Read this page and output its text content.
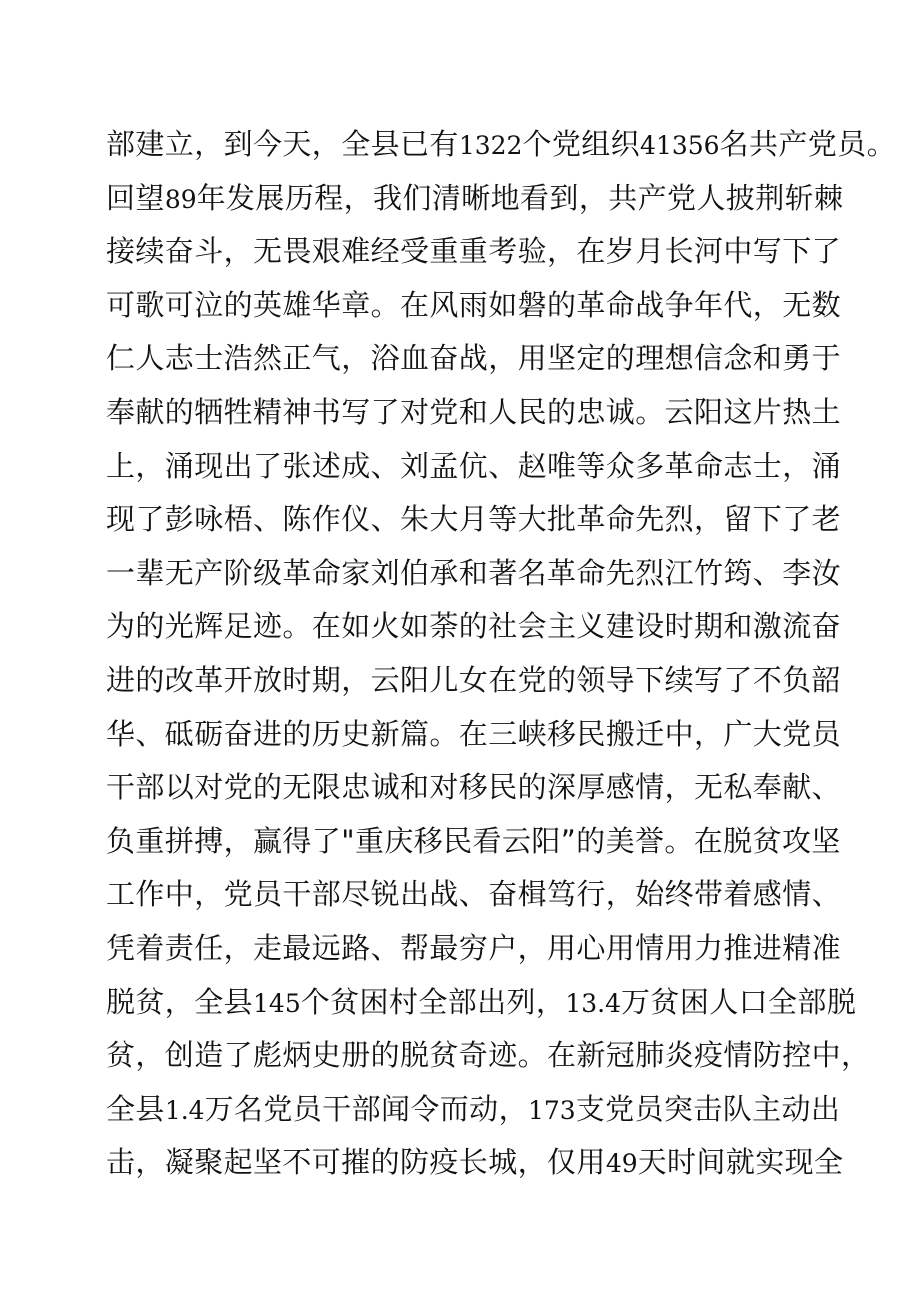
部建立，到今天，全县已有1322个党组织41356名共产党员。
回望89年发展历程，我们清晰地看到，共产党人披荆斩棘
接续奋斗，无畏艰难经受重重考验，在岁月长河中写下了
可歌可泣的英雄华章。在风雨如磐的革命战争年代，无数
仁人志士浩然正气，浴血奋战，用坚定的理想信念和勇于
奉献的牺牲精神书写了对党和人民的忠诚。云阳这片热土
上，涌现出了张述成、刘孟伉、赵唯等众多革命志士，涌
现了彭咏梧、陈作仪、朱大月等大批革命先烈，留下了老
一辈无产阶级革命家刘伯承和著名革命先烈江竹筠、李汝
为的光辉足迹。在如火如荼的社会主义建设时期和激流奋
进的改革开放时期，云阳儿女在党的领导下续写了不负韶
华、砥砺奋进的历史新篇。在三峡移民搬迁中，广大党员
干部以对党的无限忠诚和对移民的深厚感情，无私奉献、
负重拼搏，赢得了"重庆移民看云阳”的美誉。在脱贫攻坚
工作中，党员干部尽锐出战、奋楫笃行，始终带着感情、
凭着责任，走最远路、帮最穷户，用心用情用力推进精准
脱贫，全县145个贫困村全部出列，13.4万贫困人口全部脱
贫，创造了彪炳史册的脱贫奇迹。在新冠肺炎疫情防控中，
全县1.4万名党员干部闻令而动，173支党员突击队主动出
击，凝聚起坚不可摧的防疫长城，仅用49天时间就实现全
